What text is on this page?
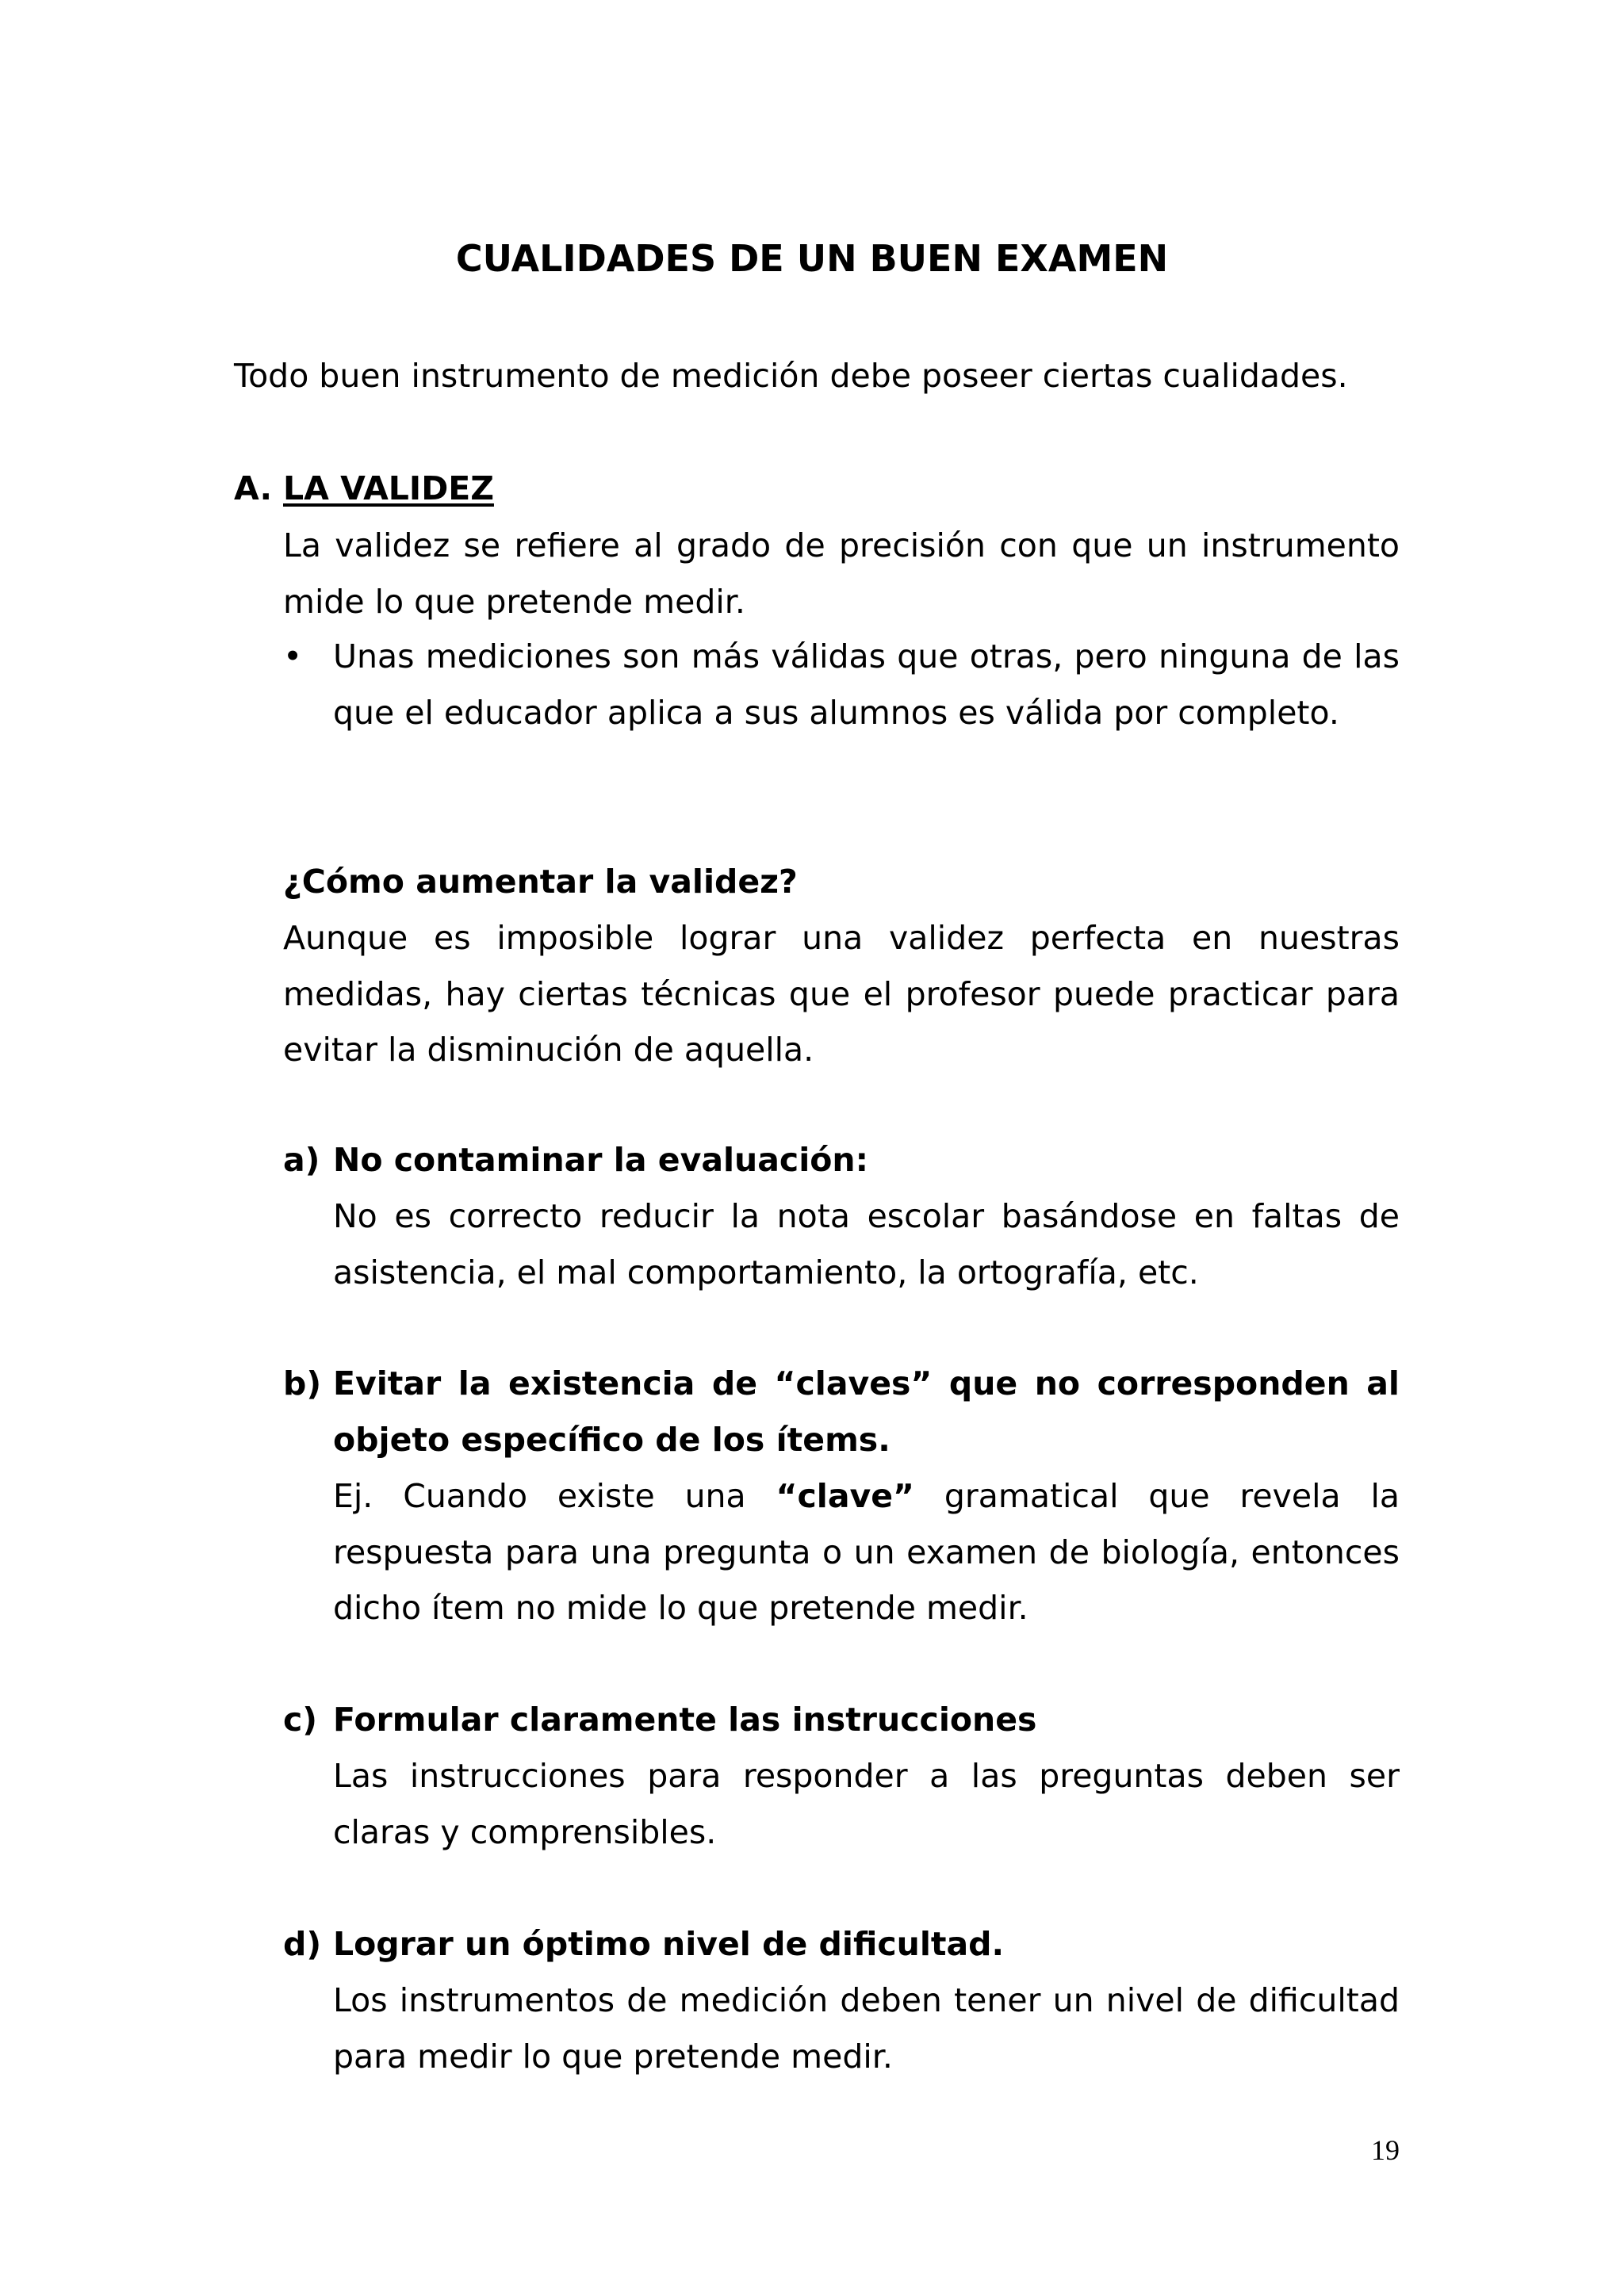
CUALIDADES DE UN BUEN EXAMEN

Todo buen instrumento de medición debe poseer ciertas cualidades.

A. LA VALIDEZ

La validez se refiere al grado de precisión con que un instrumento mide lo que pretende medir.

• Unas mediciones son más válidas que otras, pero ninguna de las que el educador aplica a sus alumnos es válida por completo.

¿Cómo aumentar la validez?

Aunque es imposible lograr una validez perfecta en nuestras medidas, hay ciertas técnicas que el profesor puede practicar para evitar la disminución de aquella.

a) No contaminar la evaluación:

No es correcto reducir la nota escolar basándose en faltas de asistencia, el mal comportamiento, la ortografía, etc.

b) Evitar la existencia de “claves” que no corresponden al objeto específico de los ítems.

Ej. Cuando existe una “clave” gramatical que revela la respuesta para una pregunta o un examen de biología, entonces dicho ítem no mide lo que pretende medir.

c) Formular claramente las instrucciones

Las instrucciones para responder a las preguntas deben ser claras y comprensibles.

d) Lograr un óptimo nivel de dificultad.

Los instrumentos de medición deben tener un nivel de dificultad para medir lo que pretende medir.

19
